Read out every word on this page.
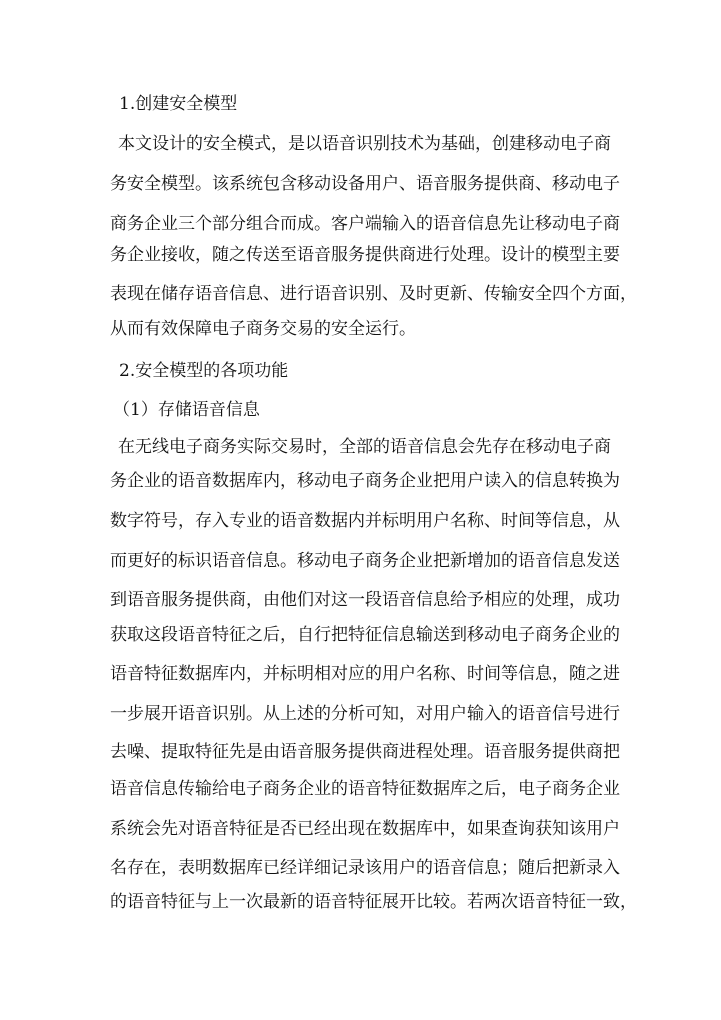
1.创建安全模型
本文设计的安全模式，是以语音识别技术为基础，创建移动电子商
务安全模型。该系统包含移动设备用户、语音服务提供商、移动电子
商务企业三个部分组合而成。客户端输入的语音信息先让移动电子商
务企业接收，随之传送至语音服务提供商进行处理。设计的模型主要
表现在储存语音信息、进行语音识别、及时更新、传输安全四个方面，
从而有效保障电子商务交易的安全运行。
2.安全模型的各项功能
（1）存储语音信息
在无线电子商务实际交易时，全部的语音信息会先存在移动电子商
务企业的语音数据库内，移动电子商务企业把用户读入的信息转换为
数字符号，存入专业的语音数据内并标明用户名称、时间等信息，从
而更好的标识语音信息。移动电子商务企业把新增加的语音信息发送
到语音服务提供商，由他们对这一段语音信息给予相应的处理，成功
获取这段语音特征之后，自行把特征信息输送到移动电子商务企业的
语音特征数据库内，并标明相对应的用户名称、时间等信息，随之进
一步展开语音识别。从上述的分析可知，对用户输入的语音信号进行
去噪、提取特征先是由语音服务提供商进程处理。语音服务提供商把
语音信息传输给电子商务企业的语音特征数据库之后，电子商务企业
系统会先对语音特征是否已经出现在数据库中，如果查询获知该用户
名存在，表明数据库已经详细记录该用户的语音信息；随后把新录入
的语音特征与上一次最新的语音特征展开比较。若两次语音特征一致，
